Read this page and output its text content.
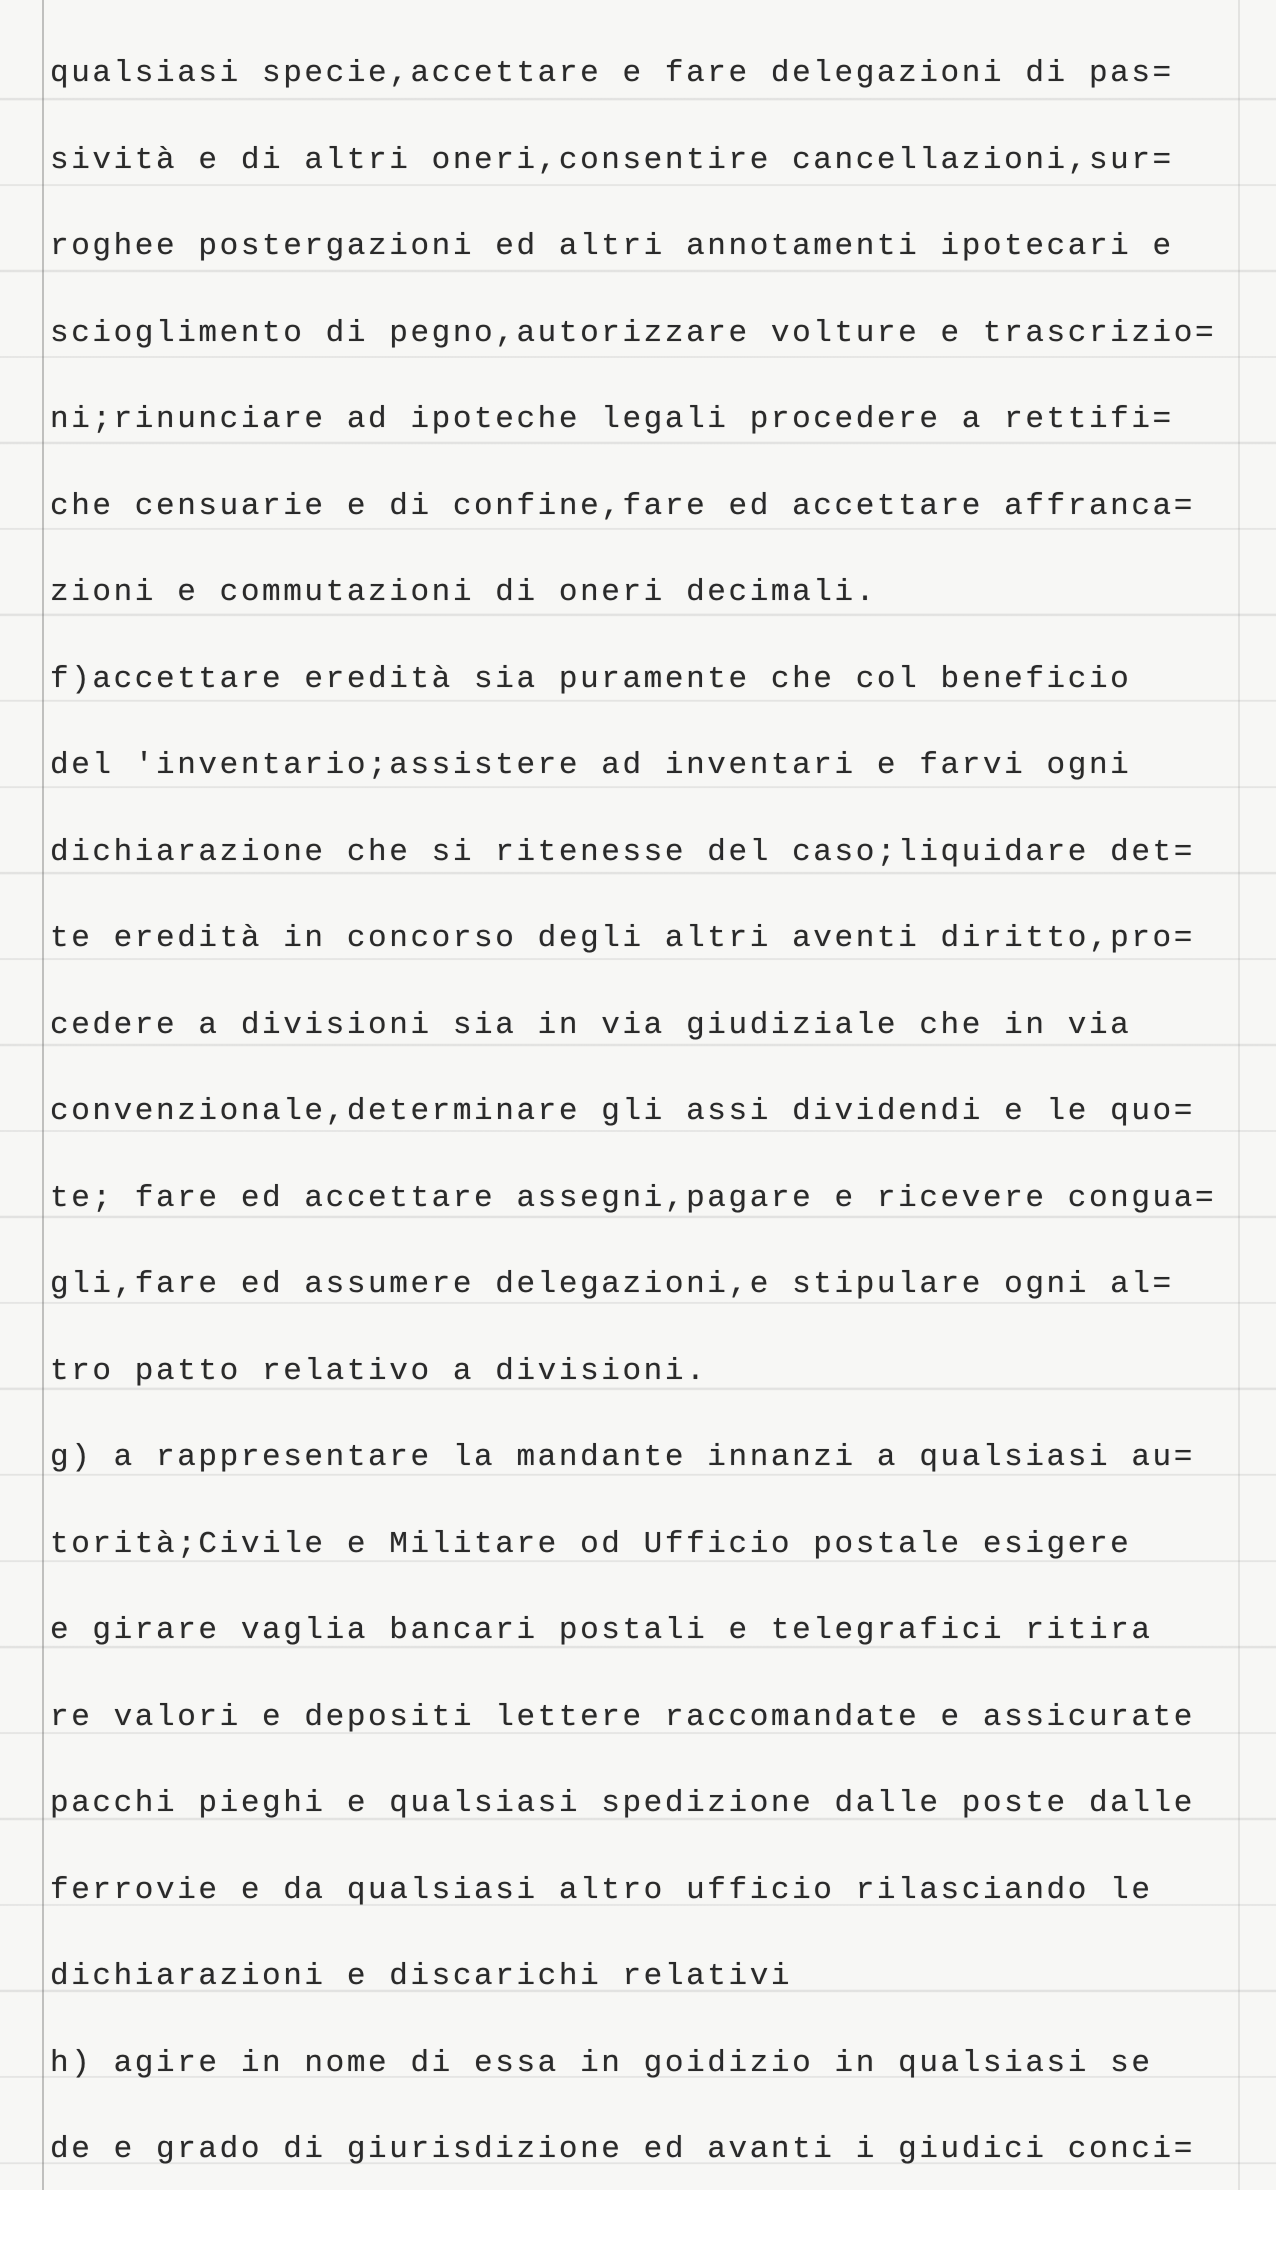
qualsiasi specie,accettare e fare delegazioni di pas=
sività e di altri oneri,consentire cancellazioni,sur=
roghee postergazioni ed altri annotamenti ipotecari e
scioglimento di pegno,autorizzare volture e trascrizio=
ni;rinunciare ad ipoteche legali procedere a rettifi=
che censuarie e di confine,fare ed accettare affranca=
zioni e commutazioni di oneri decimali.
f)accettare eredità sia puramente che col beneficio
del 'inventario;assistere ad inventari e farvi ogni
dichiarazione che si ritenesse del caso;liquidare det=
te eredità in concorso degli altri aventi diritto,pro=
cedere a divisioni sia in via giudiziale che in via
convenzionale,determinare gli assi dividendi e le quo=
te; fare ed accettare assegni,pagare e ricevere congua=
gli,fare ed assumere delegazioni,e stipulare ogni al=
tro patto relativo a divisioni.
g) a rappresentare la mandante innanzi a qualsiasi au=
torità;Civile e Militare od Ufficio postale esigere
e girare vaglia bancari postali e telegrafici ritira
re valori e depositi lettere raccomandate e assicurate
pacchi pieghi e qualsiasi spedizione dalle poste dalle
ferrovie e da qualsiasi altro ufficio rilasciando le
dichiarazioni e discarichi relativi
h) agire in nome di essa in goidizio in qualsiasi se
de e grado di giurisdizione ed avanti i giudici conci=
